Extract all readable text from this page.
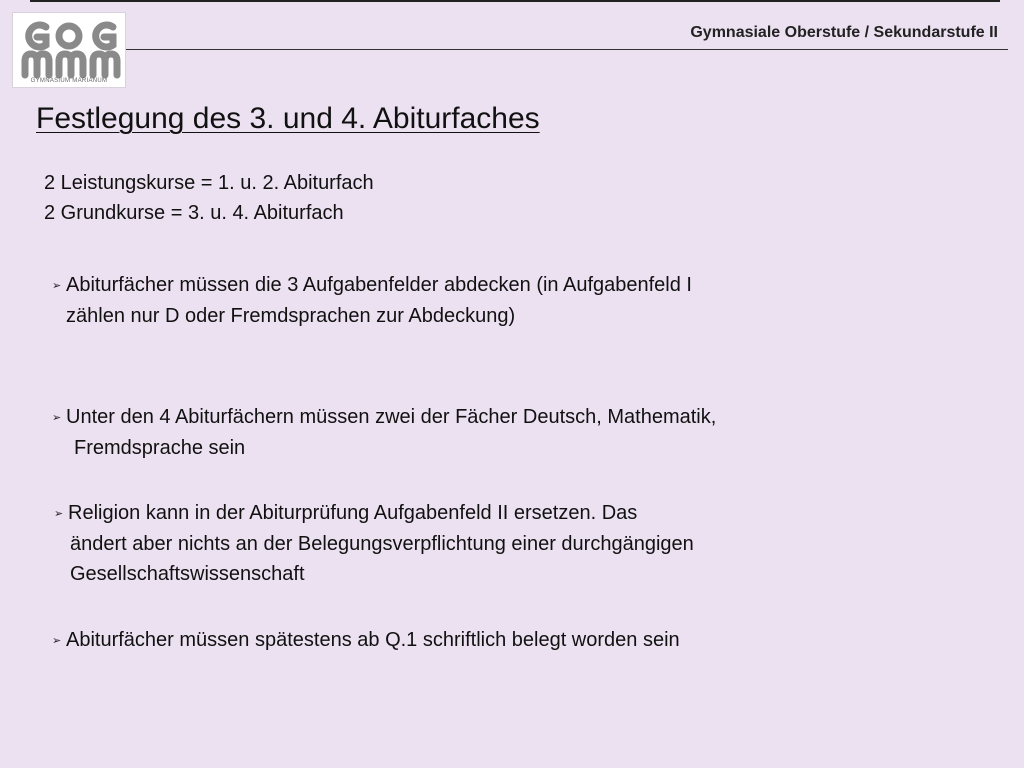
GYMNASIUM MARIANUM
Gymnasiale Oberstufe / Sekundarstufe II
Festlegung des 3. und 4. Abiturfaches
2 Leistungskurse = 1. u. 2. Abiturfach
2 Grundkurse = 3. u. 4. Abiturfach
➢ Abiturfächer müssen die 3 Aufgabenfelder abdecken (in Aufgabenfeld I
zählen nur D oder Fremdsprachen zur Abdeckung)
➢ Unter den 4 Abiturfächern müssen zwei der Fächer Deutsch, Mathematik,
Fremdsprache sein
➢ Religion kann in der Abiturprüfung Aufgabenfeld II ersetzen. Das
ändert aber nichts an der Belegungsverpflichtung einer durchgängigen
Gesellschaftswissenschaft
➢ Abiturfächer müssen spätestens ab Q.1 schriftlich belegt worden sein
